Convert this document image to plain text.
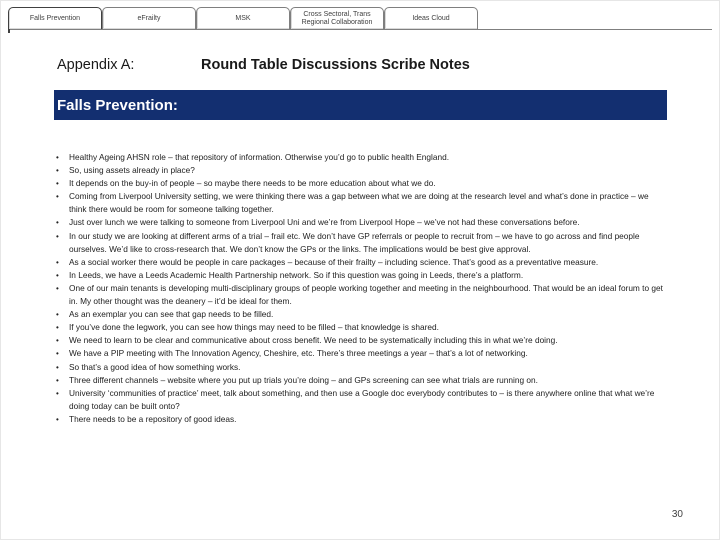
Falls Prevention	eFrailty	MSK
Cross Sectoral, Trans Regional Collaboration
Ideas Cloud
Appendix A:	Round Table Discussions Scribe Notes
Falls Prevention:
• Healthy Ageing AHSN role – that repository of information. Otherwise you’d go to public health England.
• So, using assets already in place?
• It depends on the buy-in of people – so maybe there needs to be more education about what we do.
• Coming from Liverpool University setting, we were thinking there was a gap between what we are doing at the research level and what’s done in practice – we think there would be room for someone talking together.
• Just over lunch we were talking to someone from Liverpool Uni and we’re from Liverpool Hope – we’ve not had these conversations before.
• In our study we are looking at different arms of a trial – frail etc. We don’t have GP referrals or people to recruit from – we have to go across and find people ourselves. We’d like to cross-research that. We don’t know the GPs or the links. The implications would be best give approval.
• As a social worker there would be people in care packages – because of their frailty – including science. That’s good as a preventative measure.
• In Leeds, we have a Leeds Academic Health Partnership network. So if this question was going in Leeds, there’s a platform.
• One of our main tenants is developing multi-disciplinary groups of people working together and meeting in the neighbourhood. That would be an ideal forum to get in. My other thought was the deanery – it’d be ideal for them.
• As an exemplar you can see that gap needs to be filled.
• If you’ve done the legwork, you can see how things may need to be filled – that knowledge is shared.
• We need to learn to be clear and communicative about cross benefit. We need to be systematically including this in what we’re doing.
• We have a PIP meeting with The Innovation Agency, Cheshire, etc. There’s three meetings a year – that’s a lot of networking.
• So that’s a good idea of how something works.
• Three different channels – website where you put up trials you’re doing – and GPs screening can see what trials are running on.
• University ‘communities of practice’ meet, talk about something, and then use a Google doc everybody contributes to – is there anywhere online that what we’re doing today can be built onto?
• There needs to be a repository of good ideas.
30
